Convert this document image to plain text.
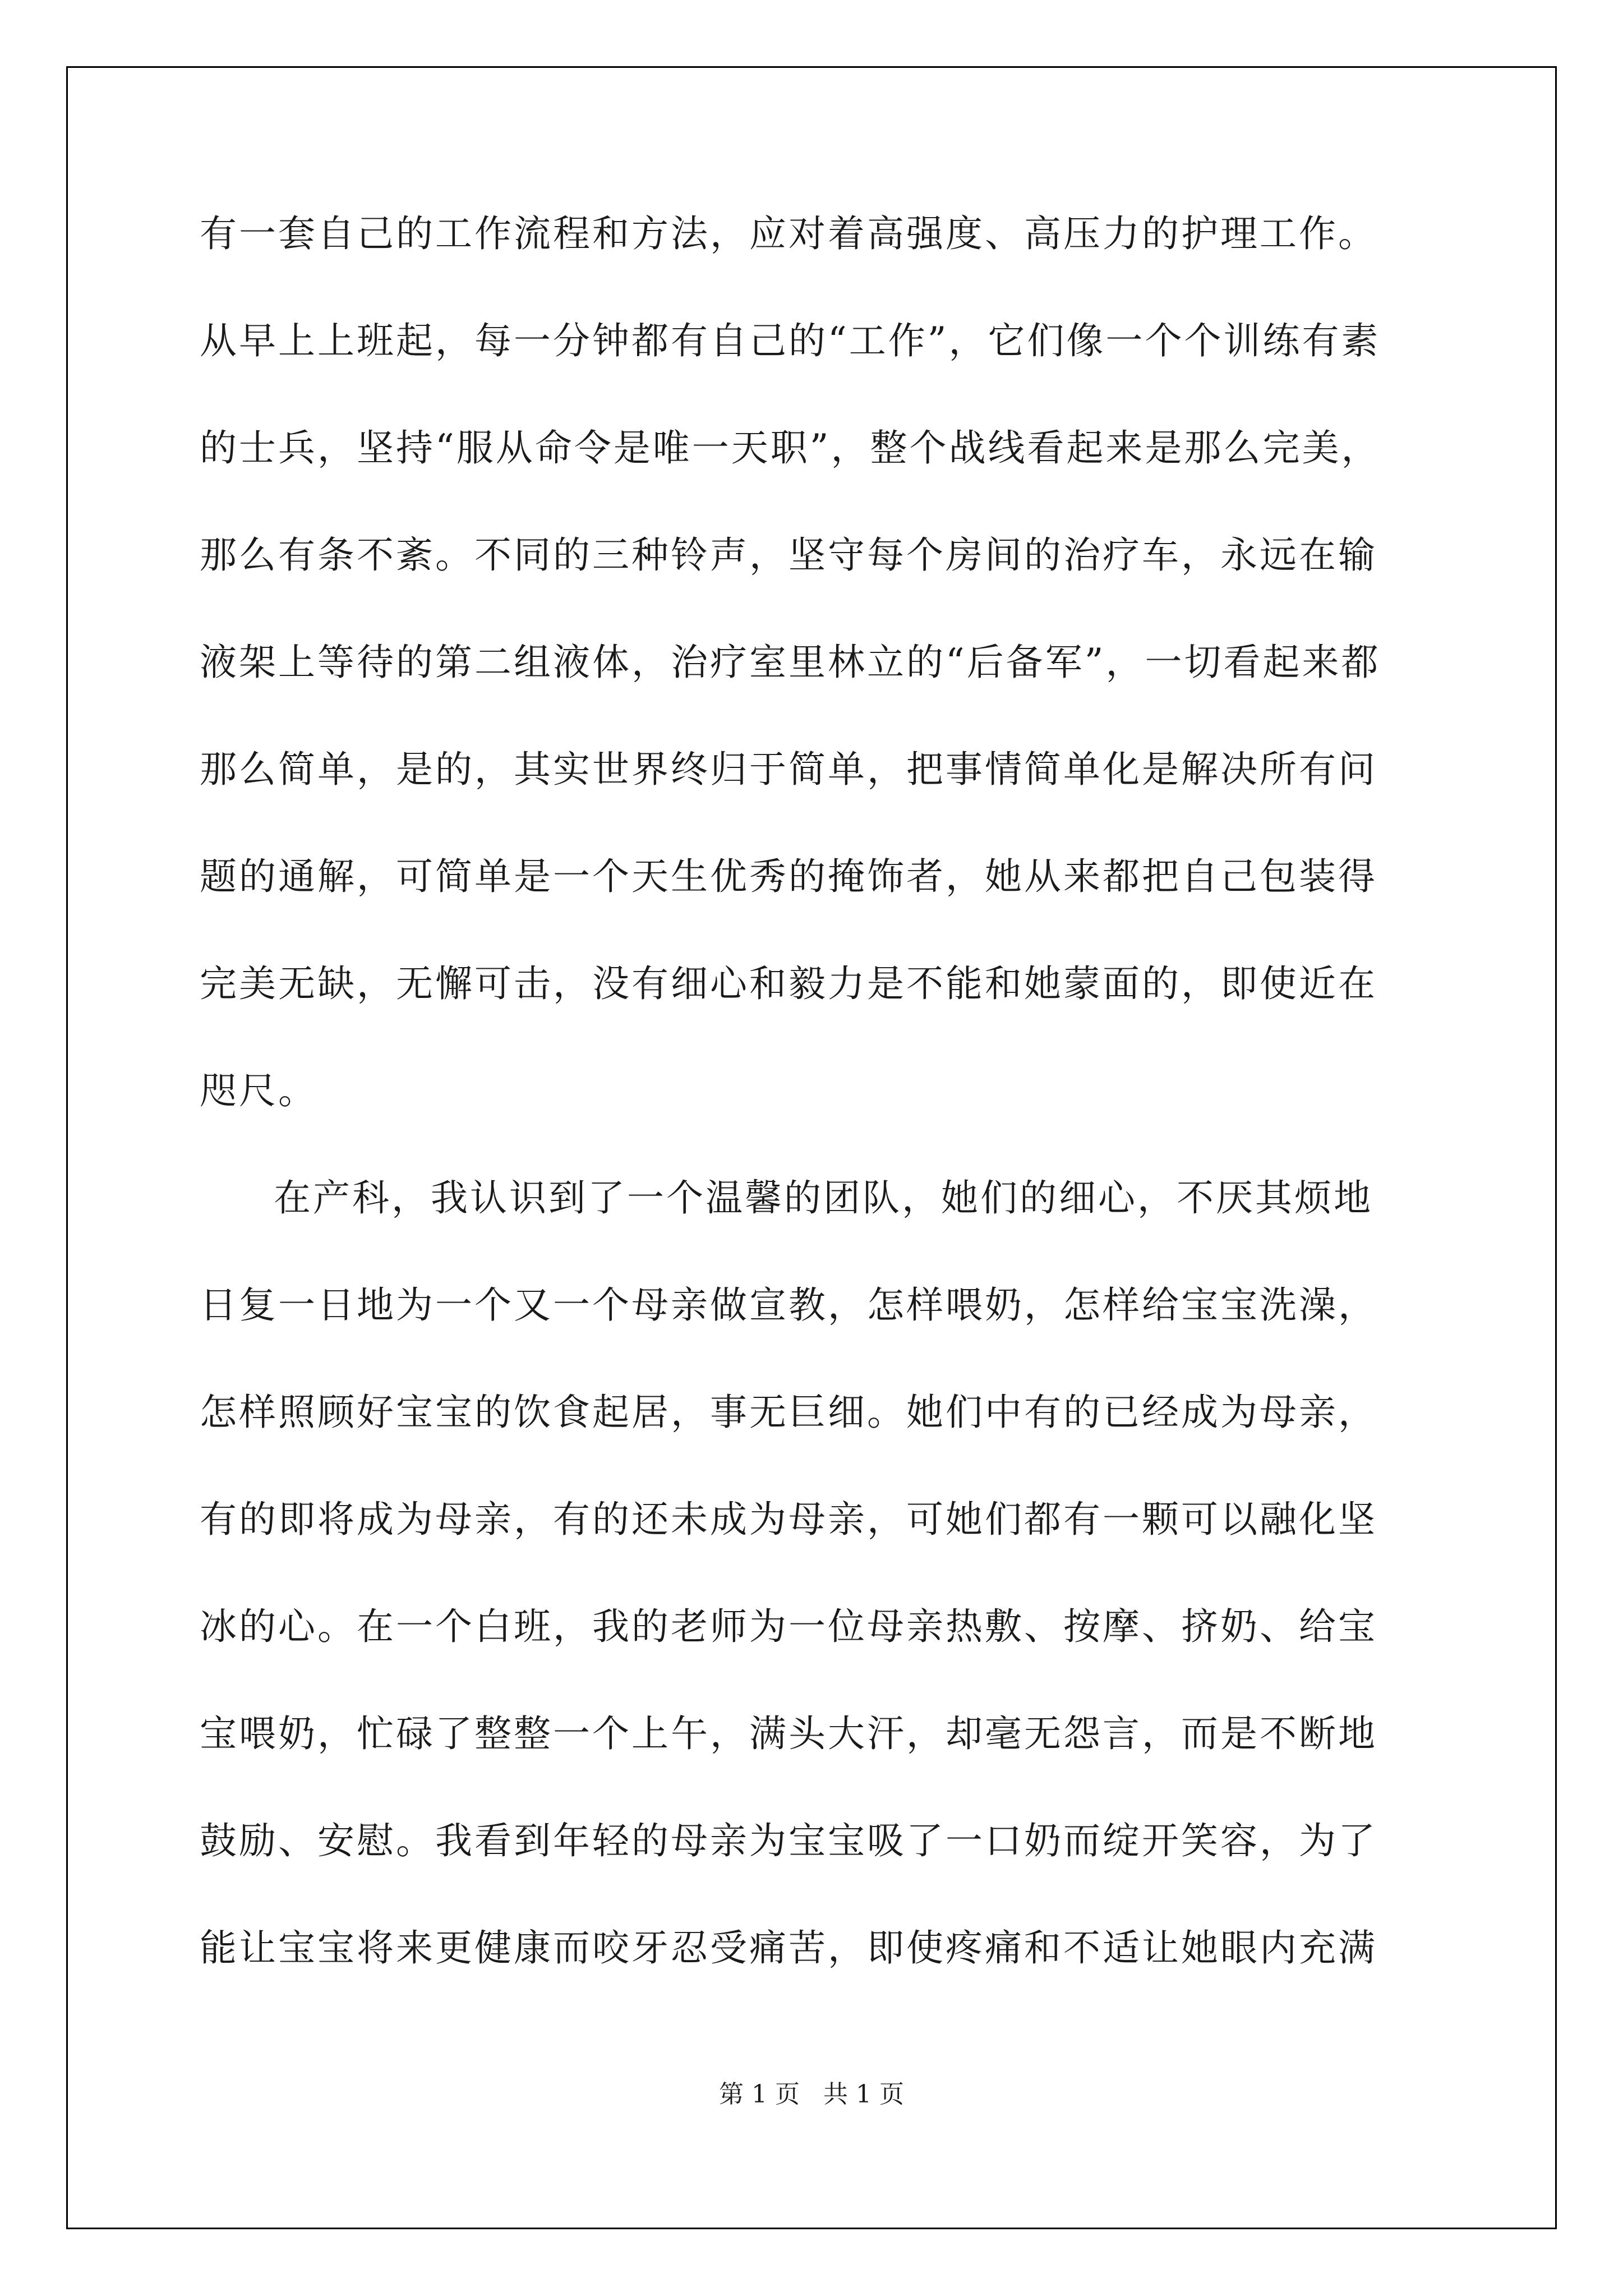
有一套自己的工作流程和方法，应对着高强度、高压力的护理工作。
从早上上班起，每一分钟都有自己的“工作”，它们像一个个训练有素
的士兵，坚持“服从命令是唯一天职”，整个战线看起来是那么完美，
那么有条不紊。不同的三种铃声，坚守每个房间的治疗车，永远在输
液架上等待的第二组液体，治疗室里林立的“后备军”，一切看起来都
那么简单，是的，其实世界终归于简单，把事情简单化是解决所有问
题的通解，可简单是一个天生优秀的掩饰者，她从来都把自己包装得
完美无缺，无懈可击，没有细心和毅力是不能和她蒙面的，即使近在
咫尺。
在产科，我认识到了一个温馨的团队，她们的细心，不厌其烦地
日复一日地为一个又一个母亲做宣教，怎样喂奶，怎样给宝宝洗澡，
怎样照顾好宝宝的饮食起居，事无巨细。她们中有的已经成为母亲，
有的即将成为母亲，有的还未成为母亲，可她们都有一颗可以融化坚
冰的心。在一个白班，我的老师为一位母亲热敷、按摩、挤奶、给宝
宝喂奶，忙碌了整整一个上午，满头大汗，却毫无怨言，而是不断地
鼓励、安慰。我看到年轻的母亲为宝宝吸了一口奶而绽开笑容，为了
能让宝宝将来更健康而咬牙忍受痛苦，即使疼痛和不适让她眼内充满
第 1 页   共 1 页
